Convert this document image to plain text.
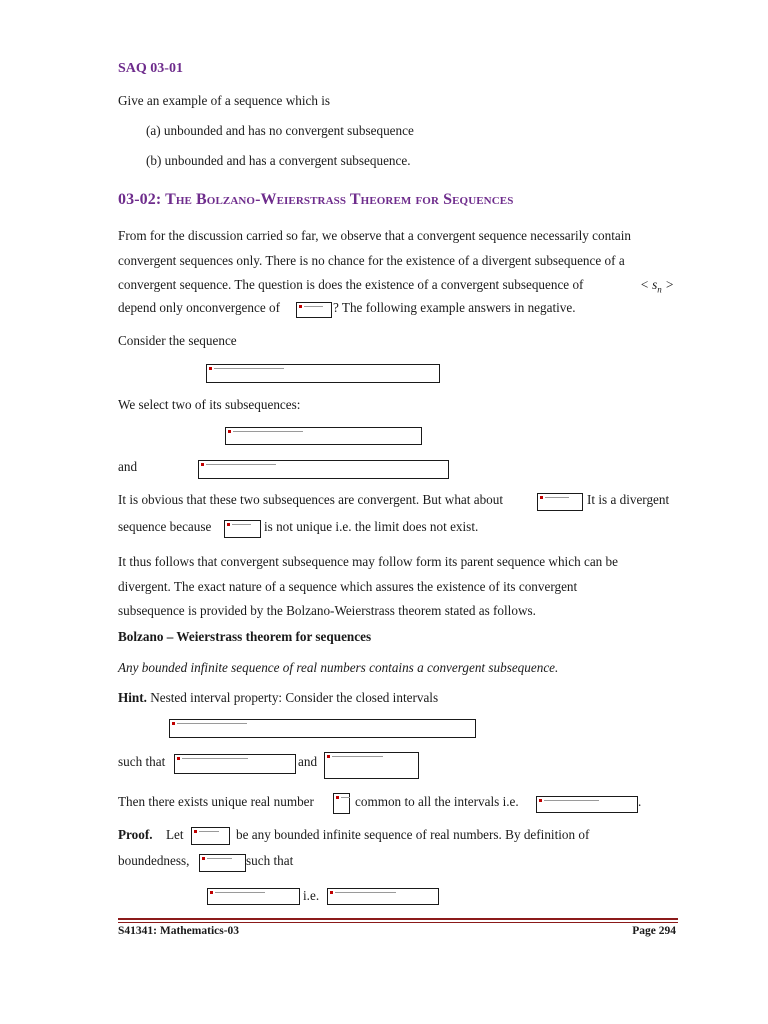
SAQ 03-01
Give an example of a sequence which is
(a) unbounded and has no convergent subsequence
(b) unbounded and has a convergent subsequence.
03-02: The Bolzano-Weierstrass Theorem for Sequences
From for the discussion carried so far, we observe that a convergent sequence necessarily contain
convergent sequences only. There is no chance for the existence of a divergent subsequence of a
convergent sequence. The question is does the existence of a convergent subsequence of	< $s_n$ >
depend only onconvergence of	? The following example answers in negative.
Consider the sequence
We select two of its subsequences:
and
It is obvious that these two subsequences are convergent. But what about	It is a divergent
sequence because	is not unique i.e. the limit does not exist.
It thus follows that convergent subsequence may follow form its parent sequence which can be
divergent. The exact nature of a sequence which assures the existence of its convergent
subsequence is provided by the Bolzano-Weierstrass theorem stated as follows.
Bolzano – Weierstrass theorem for sequences
Any bounded infinite sequence of real numbers contains a convergent subsequence.
Hint. Nested interval property: Consider the closed intervals
such that	and
Then there exists unique real number	common to all the intervals i.e.	.
Proof. Let	be any bounded infinite sequence of real numbers. By definition of
boundedness,	such that
i.e.
S41341: Mathematics-03	Page 294
